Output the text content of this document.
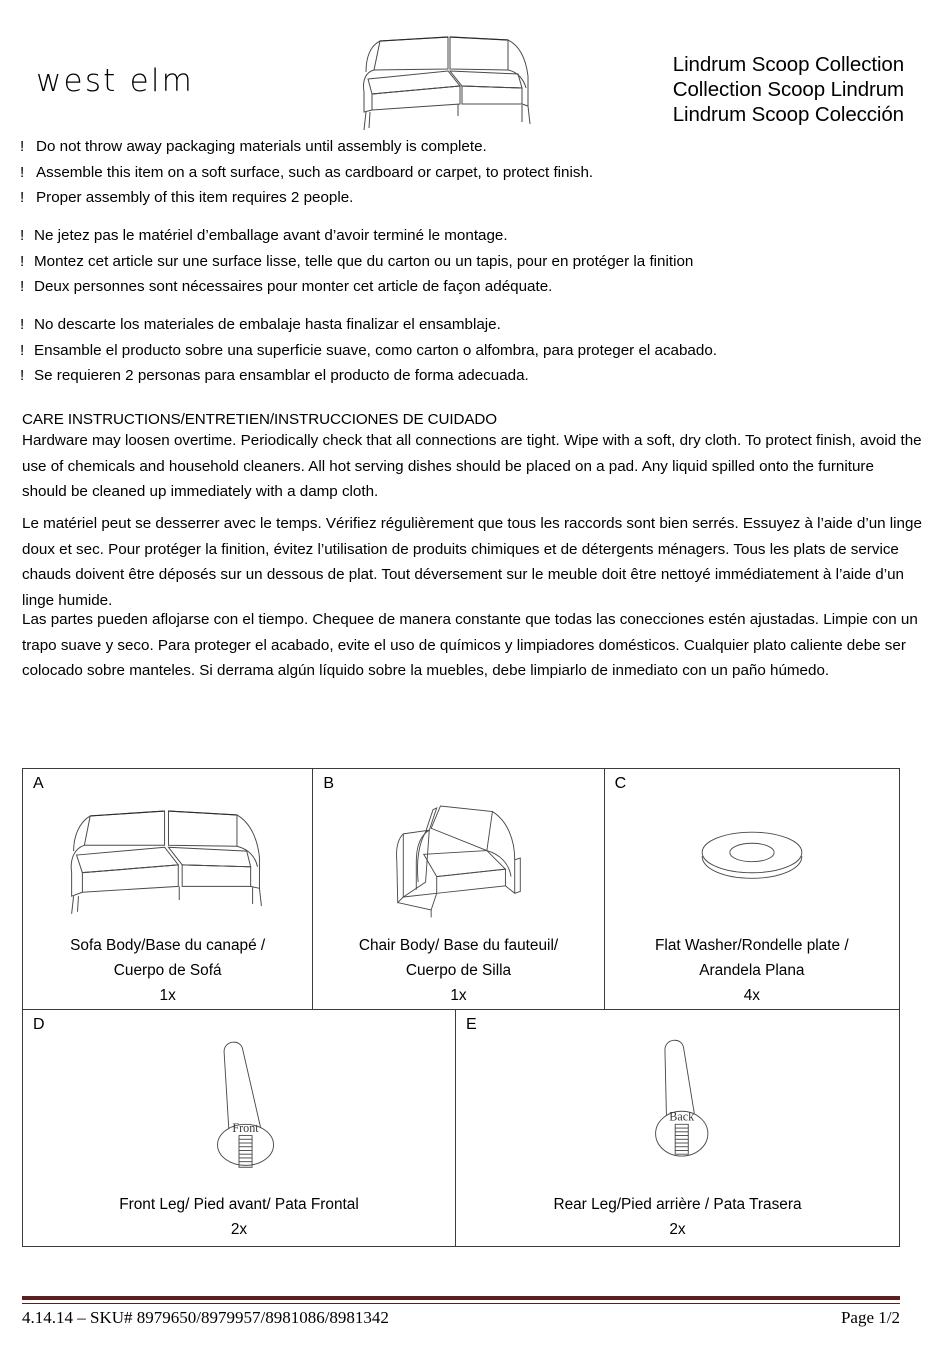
west elm	Lindrum Scoop Collection
Collection Scoop Lindrum
Lindrum Scoop Colección
! Do not throw away packaging materials until assembly is complete.
! Assemble this item on a soft surface, such as cardboard or carpet, to protect finish.
! Proper assembly of this item requires 2 people.
! Ne jetez pas le matériel d’emballage avant d’avoir terminé le montage.
! Montez cet article sur une surface lisse, telle que du carton ou un tapis, pour en protéger la finition
! Deux personnes sont nécessaires pour monter cet article de façon adéquate.
! No descarte los materiales de embalaje hasta finalizar el ensamblaje.
! Ensamble el producto sobre una superficie suave, como carton o alfombra, para proteger el acabado.
! Se requieren 2 personas para ensamblar el producto de forma adecuada.
CARE INSTRUCTIONS/ENTRETIEN/INSTRUCCIONES DE CUIDADO
Hardware may loosen overtime. Periodically check that all connections are tight. Wipe with a soft, dry cloth. To protect finish, avoid the use of chemicals and household cleaners. All hot serving dishes should be placed on a pad. Any liquid spilled onto the furniture should be cleaned up immediately with a damp cloth.
Le matériel peut se desserrer avec le temps. Vérifiez régulièrement que tous les raccords sont bien serrés. Essuyez à l’aide d’un linge doux et sec. Pour protéger la finition, évitez l’utilisation de produits chimiques et de détergents ménagers. Tous les plats de service chauds doivent être déposés sur un dessous de plat. Tout déversement sur le meuble doit être nettoyé immédiatement à l’aide d’un linge humide.
Las partes pueden aflojarse con el tiempo. Chequee de manera constante que todas las conecciones estén ajustadas. Limpie con un trapo suave y seco. Para proteger el acabado, evite el uso de químicos y limpiadores domésticos. Cualquier plato caliente debe ser colocado sobre manteles. Si derrama algún líquido sobre la muebles, debe limpiarlo de inmediato con un paño húmedo.
A
Sofa Body/Base du canapé /
Cuerpo de Sofá
1x
B
Chair Body/ Base du fauteuil/
Cuerpo de Silla
1x
C
Flat Washer/Rondelle plate /
Arandela Plana
4x
D
Front
Front Leg/ Pied avant/ Pata Frontal
2x
E
Back
Rear Leg/Pied arrière / Pata Trasera
2x
4.14.14 – SKU# 8979650/8979957/8981086/8981342	Page 1/2
